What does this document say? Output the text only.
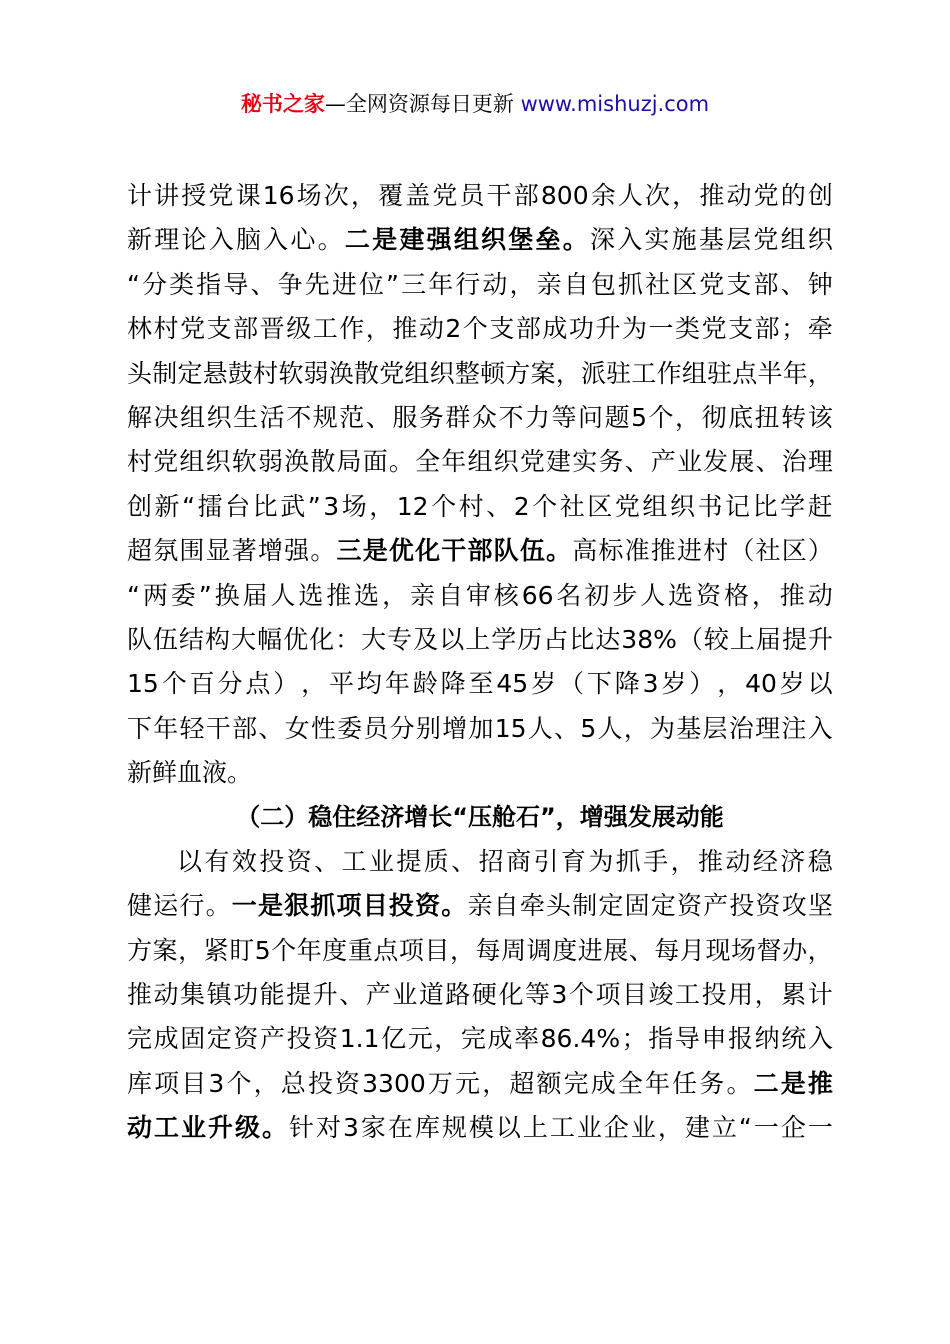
秘书之家—全网资源每日更新 www.mishuzj.com
计 讲 授 党 课 16 场 次 ， 覆 盖 党 员 干 部 800 余 人 次 ， 推 动 党 的 创
新 理 论 入 脑 入 心 。 二 是 建 强 组 织 堡 垒 。 深 入 实 施 基 层 党 组 织
“ 分 类 指 导 、 争 先 进 位 ” 三 年 行 动 ， 亲 自 包 抓 社 区 党 支 部 、 钟
林 村 党 支 部 晋 级 工 作 ， 推 动 2 个 支 部 成 功 升 为 一 类 党 支 部 ； 牵
头 制 定 悬 鼓 村 软 弱 涣 散 党 组 织 整 顿 方 案 ， 派 驻 工 作 组 驻 点 半 年 ，
解 决 组 织 生 活 不 规 范 、 服 务 群 众 不 力 等 问 题 5 个 ， 彻 底 扭 转 该
村 党 组 织 软 弱 涣 散 局 面 。 全 年 组 织 党 建 实 务 、 产 业 发 展 、 治 理
创 新 “ 擂 台 比 武 ” 3 场 ， 12 个 村 、 2 个 社 区 党 组 织 书 记 比 学 赶
超 氛 围 显 著 增 强 。 三 是 优 化 干 部 队 伍 。 高 标 准 推 进 村 （ 社 区 ）
“ 两 委 ” 换 届 人 选 推 选 ， 亲 自 审 核 66 名 初 步 人 选 资 格 ， 推 动
队 伍 结 构 大 幅 优 化 ： 大 专 及 以 上 学 历 占 比 达 38% （ 较 上 届 提 升
15 个 百 分 点 ） ， 平 均 年 龄 降 至 45 岁 （ 下 降 3 岁 ） ， 40 岁 以
下 年 轻 干 部 、 女 性 委 员 分 别 增 加 15 人 、 5 人 ， 为 基 层 治 理 注 入
新鲜血液。
（二）稳住经济增长“压舱石”，增强发展动能
以 有 效 投 资 、 工 业 提 质 、 招 商 引 育 为 抓 手 ， 推 动 经 济 稳
健 运 行 。 一 是 狠 抓 项 目 投 资 。 亲 自 牵 头 制 定 固 定 资 产 投 资 攻 坚
方 案 ， 紧 盯 5 个 年 度 重 点 项 目 ， 每 周 调 度 进 展 、 每 月 现 场 督 办 ，
推 动 集 镇 功 能 提 升 、 产 业 道 路 硬 化 等 3 个 项 目 竣 工 投 用 ， 累 计
完 成 固 定 资 产 投 资 1.1 亿 元 ， 完 成 率 86.4% ； 指 导 申 报 纳 统 入
库 项 目 3 个 ， 总 投 资 3300 万 元 ， 超 额 完 成 全 年 任 务 。 二 是 推
动 工 业 升 级 。 针 对 3 家 在 库 规 模 以 上 工 业 企 业 ， 建 立 “ 一 企 一
